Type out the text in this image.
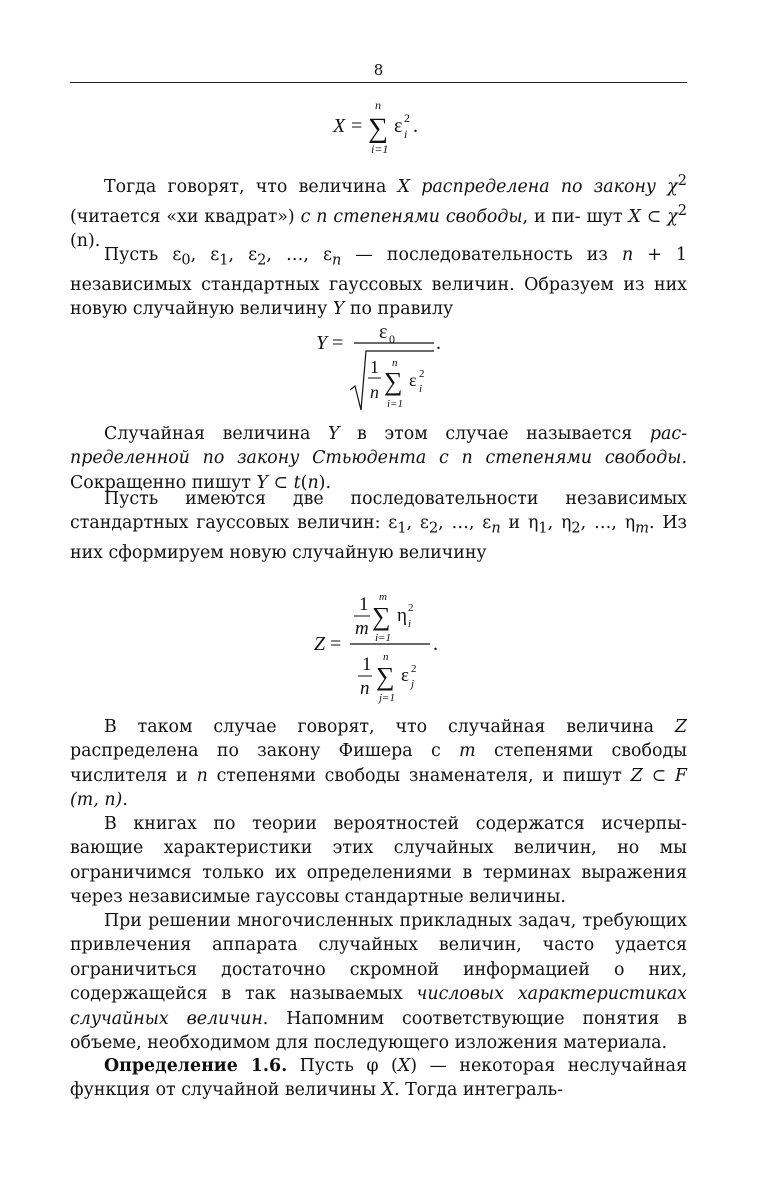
8
X =
n
∑
i=1
ε 2
i .
Тогда говорят, что величина X распределена по закону $\chi^2$ (читается «хи квадрат») с n степенями свободы, и пи- шут X ⊂ $\chi^2$ (n).
Пусть $\varepsilon_0$, $\varepsilon_1$, $\varepsilon_2$, …, $\varepsilon_n$ — последовательность из n + 1 независимых стандартных гауссовых величин. Образуем из них новую случайную величину Y по правилу
Y = ε 0
1
n
n
∑
i=1
ε 2
i
.
Случайная величина Y в этом случае называется рас-пределенной по закону Стьюдента с n степенями свободы. Сокращенно пишут Y ⊂ t(n).
Пусть имеются две последовательности независимых стандартных гауссовых величин: $\varepsilon_1$, $\varepsilon_2$, …, $\varepsilon_n$ и $\eta_1$, $\eta_2$, …, $\eta_m$. Из них сформируем новую случайную величину
Z =
1
m
m
∑
i=1
η 2
i
1
n
n
∑
j=1
ε 2
j
.
В таком случае говорят, что случайная величина Z распределена по закону Фишера с m степенями свободы числителя и n степенями свободы знаменателя, и пишут Z ⊂ F (m, n).
В книгах по теории вероятностей содержатся исчерпывающие характеристики этих случайных величин, но мы ограничимся только их определениями в терминах выражения через независимые гауссовы стандартные величины.
При решении многочисленных прикладных задач, требующих привлечения аппарата случайных величин, часто удается ограничиться достаточно скромной информацией о них, содержащейся в так называемых числовых характеристиках случайных величин. Напомним соответствующие понятия в объеме, необходимом для последующего изложения материала.
Определение 1.6. Пусть φ (X) — некоторая неслучайная функция от случайной величины X. Тогда интеграль-
